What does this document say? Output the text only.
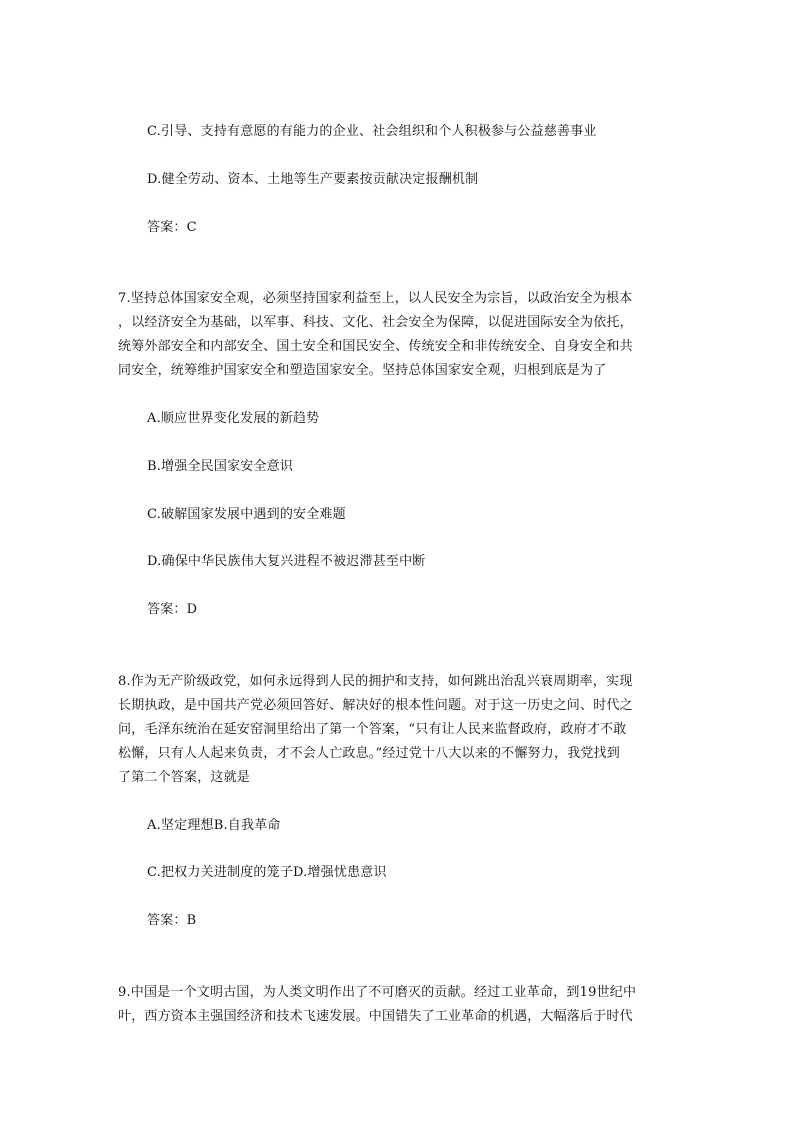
C.引导、支持有意愿的有能力的企业、社会组织和个人积极参与公益慈善事业
D.健全劳动、资本、土地等生产要素按贡献决定报酬机制
答案：C
7.坚持总体国家安全观，必须坚持国家利益至上，以人民安全为宗旨，以政治安全为根本
，以经济安全为基础，以军事、科技、文化、社会安全为保障，以促进国际安全为依托，
统筹外部安全和内部安全、国土安全和国民安全、传统安全和非传统安全、自身安全和共
同安全，统筹维护国家安全和塑造国家安全。坚持总体国家安全观，归根到底是为了
A.顺应世界变化发展的新趋势
B.增强全民国家安全意识
C.破解国家发展中遇到的安全难题
D.确保中华民族伟大复兴进程不被迟滞甚至中断
答案：D
8.作为无产阶级政党，如何永远得到人民的拥护和支持，如何跳出治乱兴衰周期率，实现
长期执政，是中国共产党必须回答好、解决好的根本性问题。对于这一历史之问、时代之
问，毛泽东统治在延安窑洞里给出了第一个答案，“只有让人民来监督政府，政府才不敢
松懈，只有人人起来负责，才不会人亡政息。”经过党十八大以来的不懈努力，我党找到
了第二个答案，这就是
A.坚定理想B.自我革命
C.把权力关进制度的笼子D.增强忧患意识
答案：B
9.中国是一个文明古国，为人类文明作出了不可磨灭的贡献。经过工业革命，到19世纪中
叶，西方资本主强国经济和技术飞速发展。中国错失了工业革命的机遇，大幅落后于时代
